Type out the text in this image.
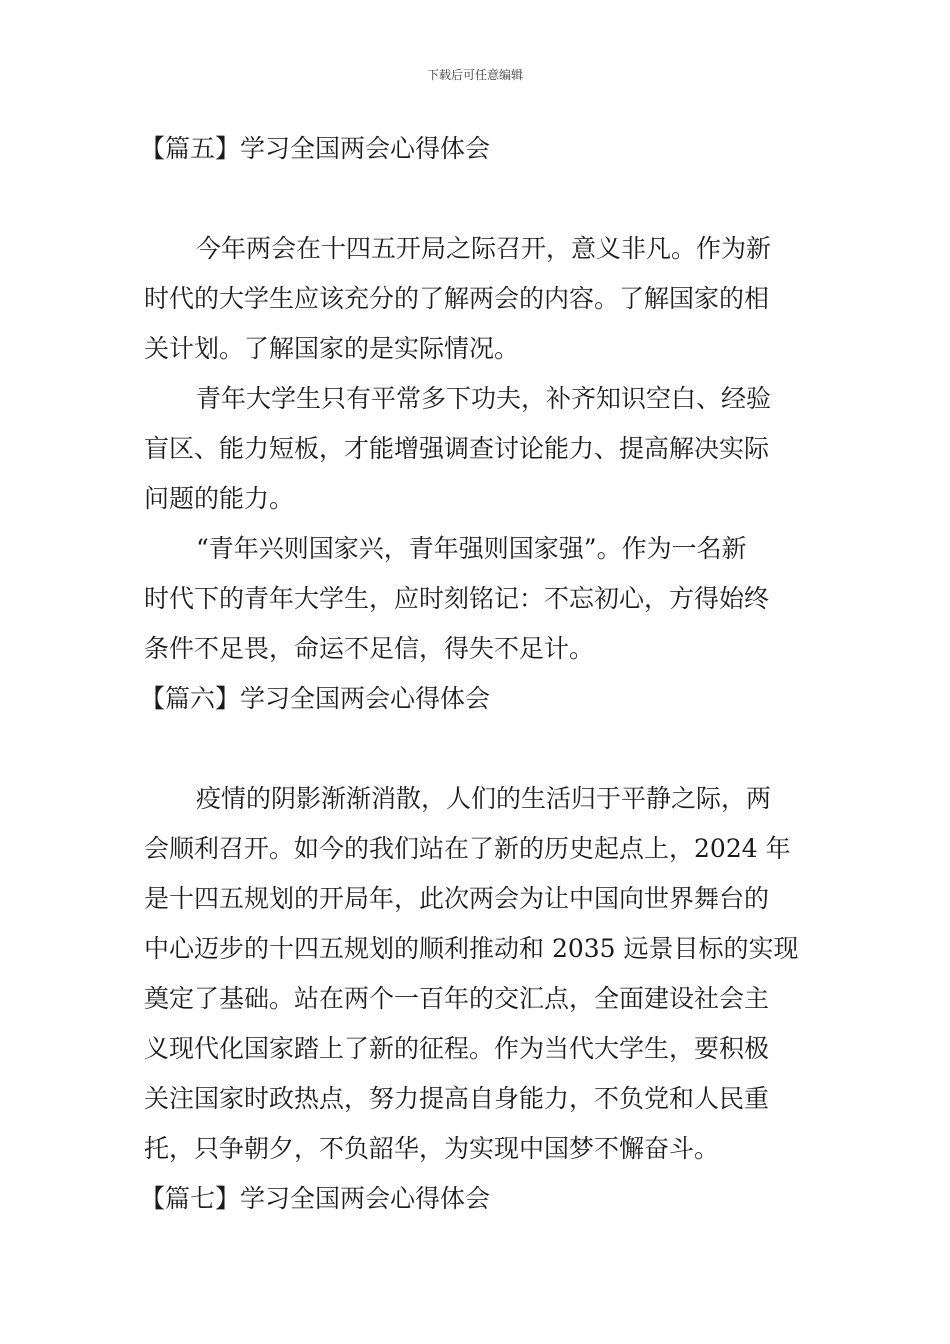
下载后可任意编辑
【篇五】学习全国两会心得体会
今年两会在十四五开局之际召开，意义非凡。作为新
时代的大学生应该充分的了解两会的内容。了解国家的相
关计划。了解国家的是实际情况。
青年大学生只有平常多下功夫，补齐知识空白、经验
盲区、能力短板，才能增强调查讨论能力、提高解决实际
问题的能力。
“青年兴则国家兴，青年强则国家强”。作为一名新
时代下的青年大学生，应时刻铭记：不忘初心，方得始终
条件不足畏，命运不足信，得失不足计。
【篇六】学习全国两会心得体会
疫情的阴影渐渐消散，人们的生活归于平静之际，两
会顺利召开。如今的我们站在了新的历史起点上，2024 年
是十四五规划的开局年，此次两会为让中国向世界舞台的
中心迈步的十四五规划的顺利推动和 2035 远景目标的实现
奠定了基础。站在两个一百年的交汇点，全面建设社会主
义现代化国家踏上了新的征程。作为当代大学生，要积极
关注国家时政热点，努力提高自身能力，不负党和人民重
托，只争朝夕，不负韶华，为实现中国梦不懈奋斗。
【篇七】学习全国两会心得体会
